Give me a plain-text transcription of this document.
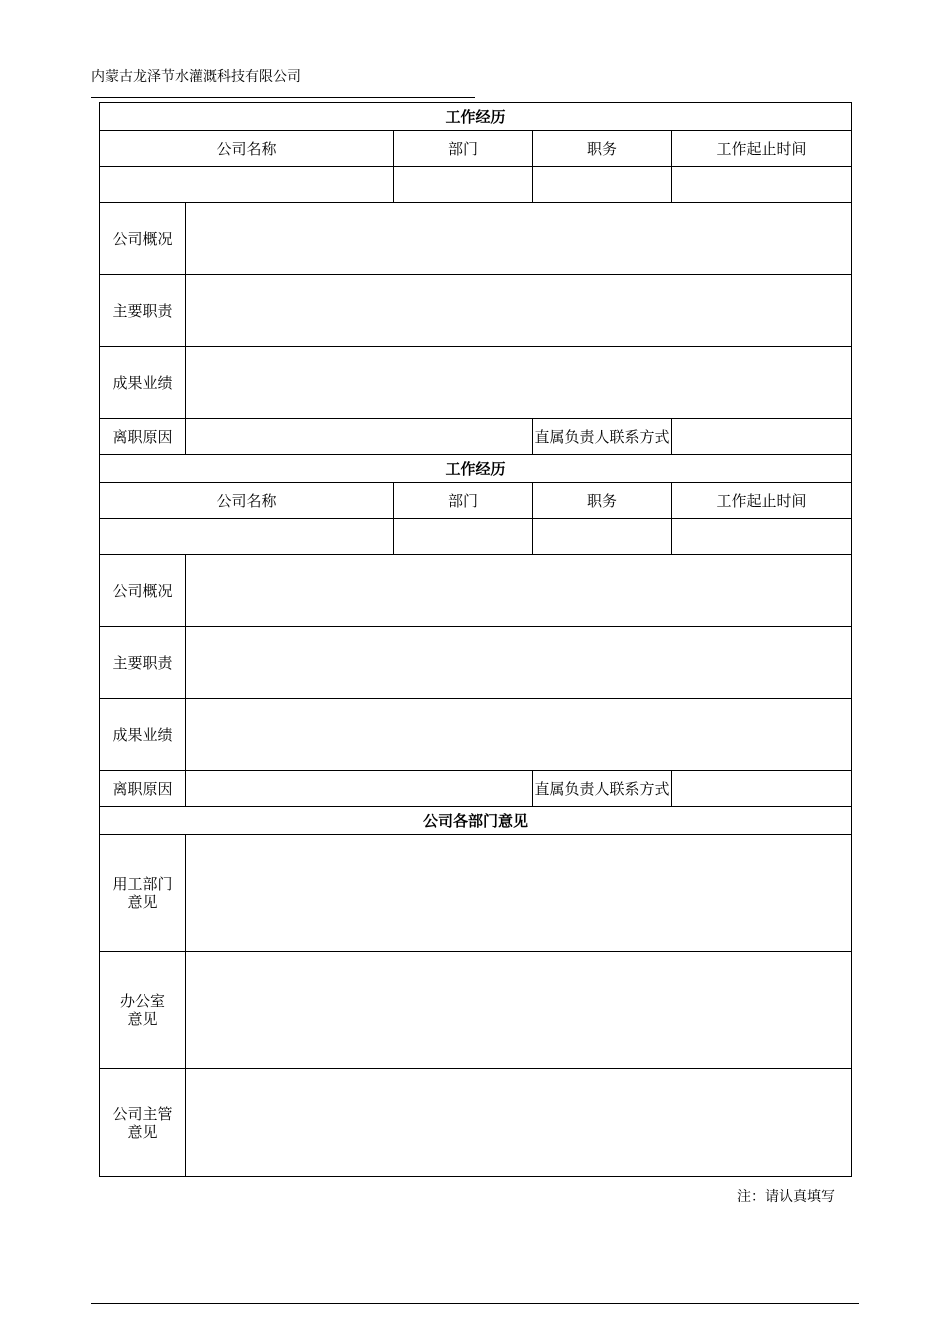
内蒙古龙泽节水灌溉科技有限公司
工作经历				
公司名称		部门	职务	工作起止时间

公司概况				
主要职责				
成果业绩				
离职原因			直属负责人联系方式	
工作经历				
公司名称		部门	职务	工作起止时间

公司概况				
主要职责				
成果业绩				
离职原因			直属负责人联系方式	
公司各部门意见				

用工部门
意见				

办公室
意见				

公司主管
意见				

注：请认真填写
